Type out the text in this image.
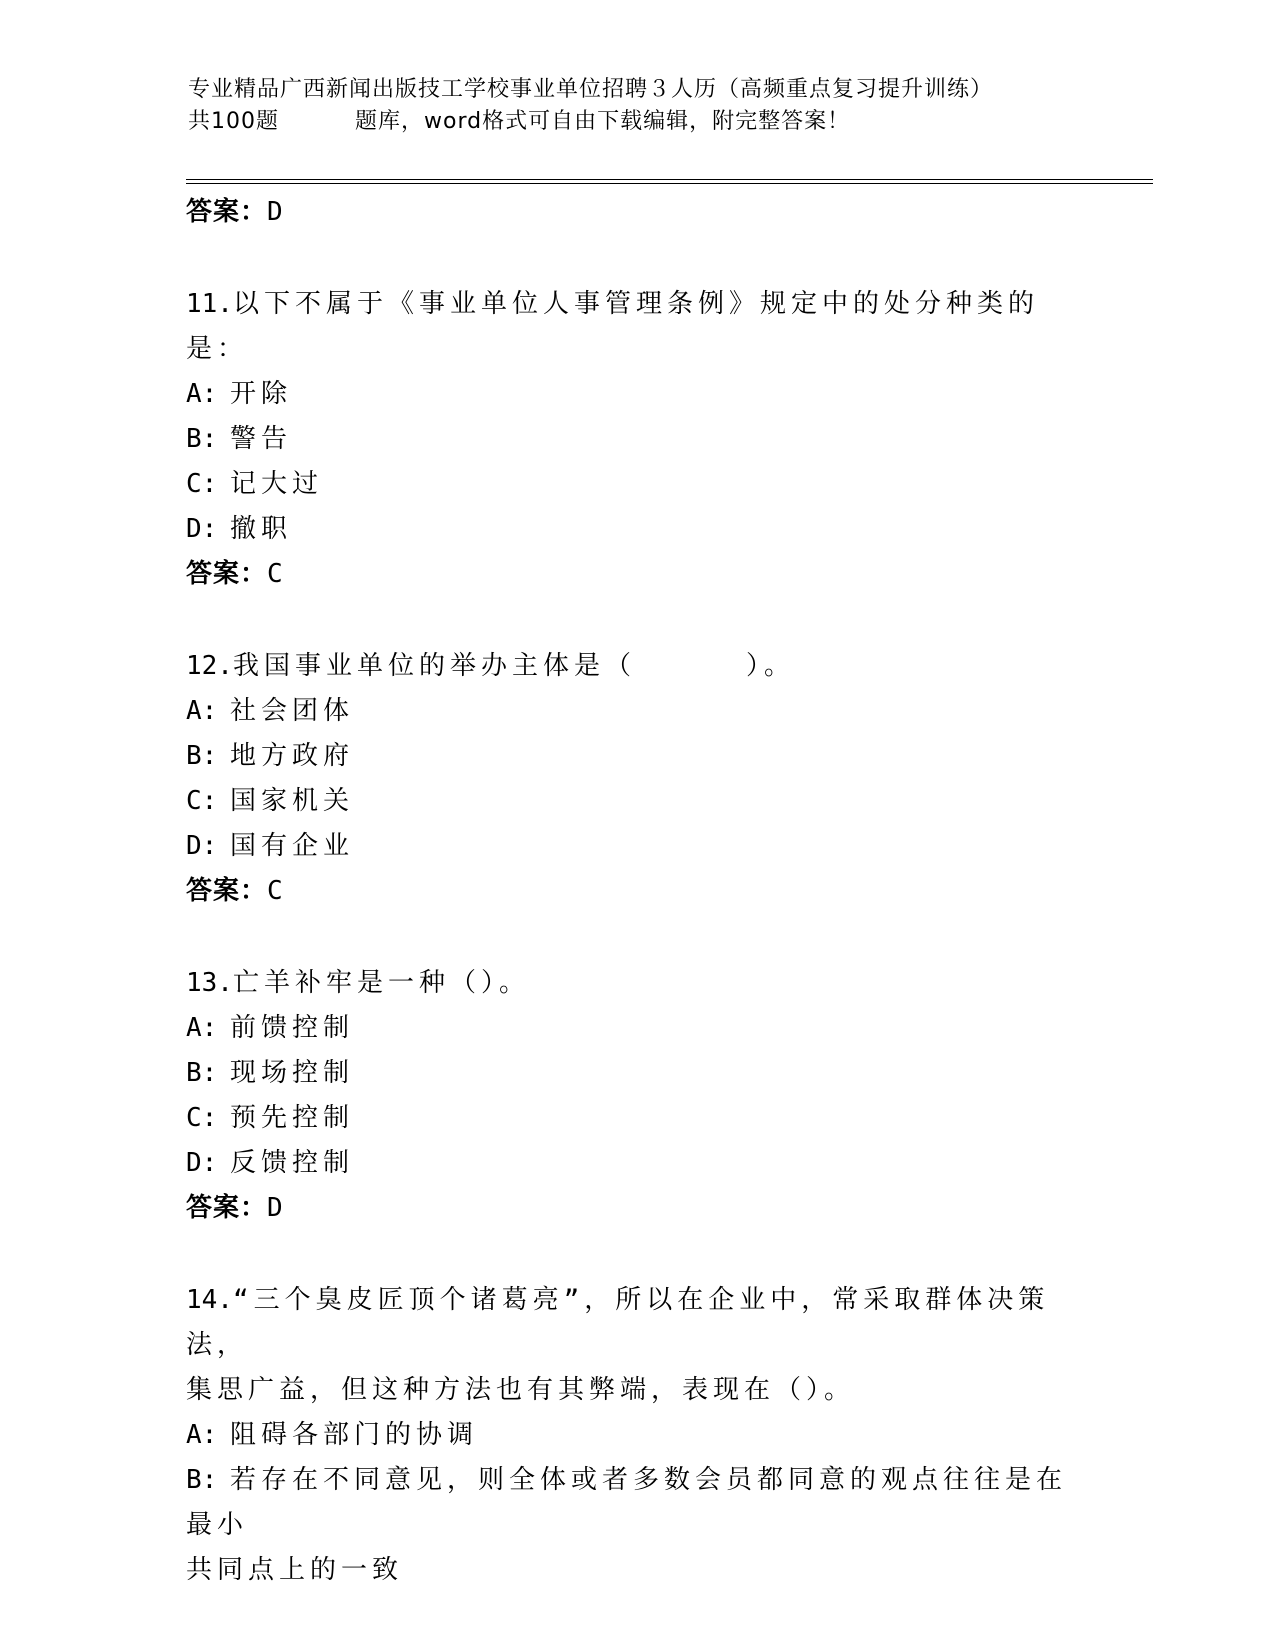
专业精品广西新闻出版技工学校事业单位招聘３人历（高频重点复习提升训练）
共100题	题库，word格式可自由下载编辑，附完整答案！
答案：D
11.以下不属于《事业单位人事管理条例》规定中的处分种类的是：
A: 开除
B: 警告
C: 记大过
D: 撤职
答案：C
12.我国事业单位的举办主体是（	）。
A: 社会团体
B: 地方政府
C: 国家机关
D: 国有企业
答案：C
13.亡羊补牢是一种（）。
A: 前馈控制
B: 现场控制
C: 预先控制
D: 反馈控制
答案：D
14.“三个臭皮匠顶个诸葛亮”，所以在企业中，常采取群体决策法，
集思广益，但这种方法也有其弊端，表现在（）。
A: 阻碍各部门的协调
B: 若存在不同意见，则全体或者多数会员都同意的观点往往是在最小
共同点上的一致
